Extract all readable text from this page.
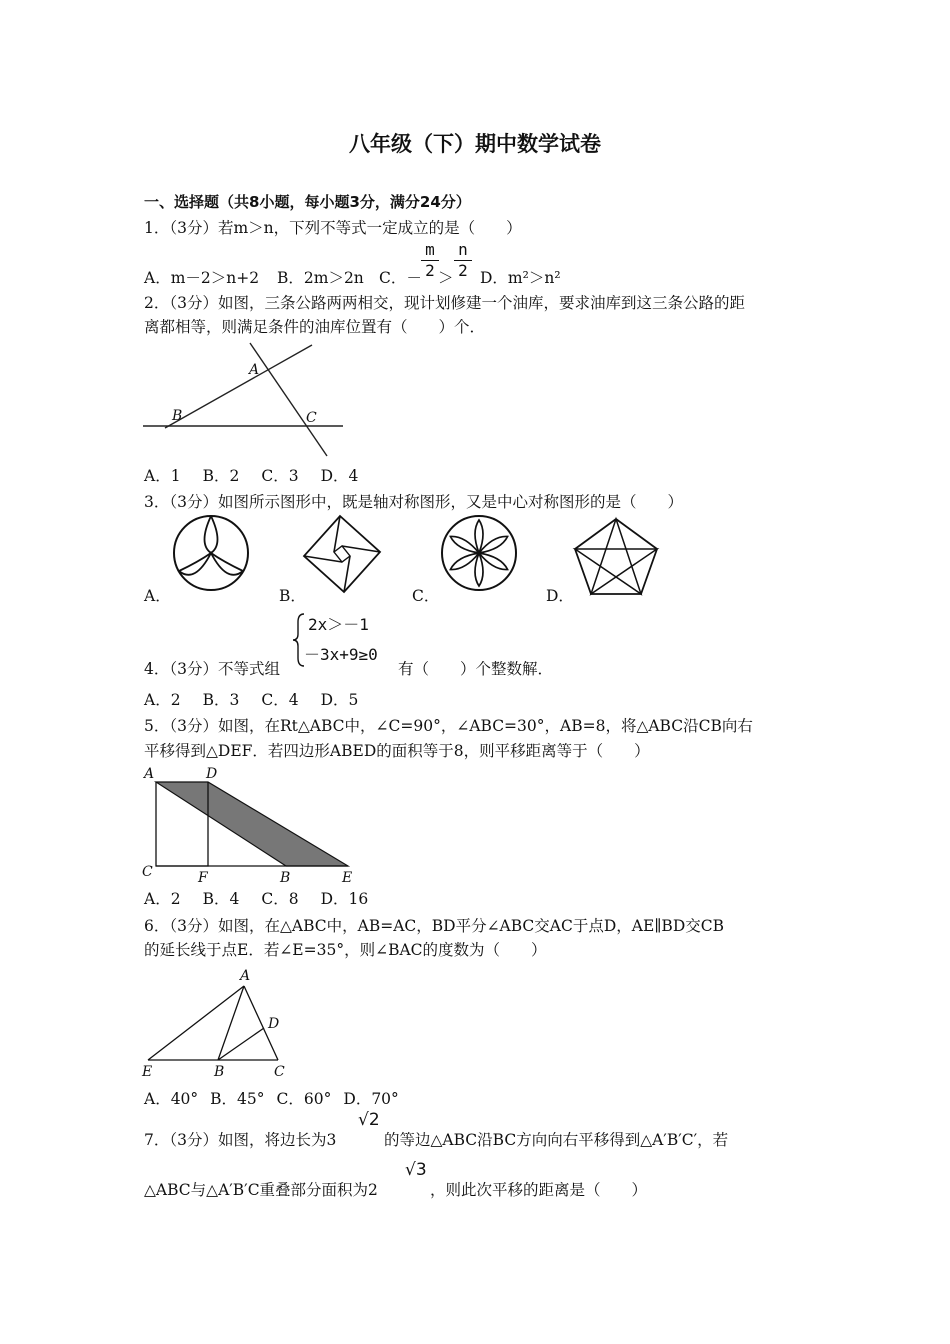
八年级（下）期中数学试卷
一、选择题（共8小题，每小题3分，满分24分）
1．（3分）若m＞n，下列不等式一定成立的是（　　）
A．m－2＞n+2 B．2m＞2n C．－ $\frac{m}{2} > \frac{n}{2}$ D．m²＞n²
2．（3分）如图，三条公路两两相交，现计划修建一个油库，要求油库到这三条公路的距
离都相等，则满足条件的油库位置有（　　）个．
A
B	C
A．1 B．2 C．3 D．4
3．（3分）如图所示图形中，既是轴对称图形，又是中心对称图形的是（　　）
A．	B．	C．	D．
4．（3分）不等式组
2x＞－1
－3x+9≥0
有（　　）个整数解．
A．2 B．3 C．4 D．5
5．（3分）如图，在Rt△ABC中，∠C=90°，∠ABC=30°，AB=8，将△ABC沿CB向右
平移得到△DEF．若四边形ABED的面积等于8，则平移距离等于（　　）
A	D
C	F	B	E
A．2 B．4 C．8 D．16
6．（3分）如图，在△ABC中，AB=AC，BD平分∠ABC交AC于点D，AE∥BD交CB
的延长线于点E．若∠E=35°，则∠BAC的度数为（　　）
A
D
E	B	C
A．40° B．45° C．60° D．70°
7．（3分）如图，将边长为3
√2
的等边△ABC沿BC方向向右平移得到△A′B′C′，若
△ABC与△A′B′C重叠部分面积为2
√3
，则此次平移的距离是（　　）
